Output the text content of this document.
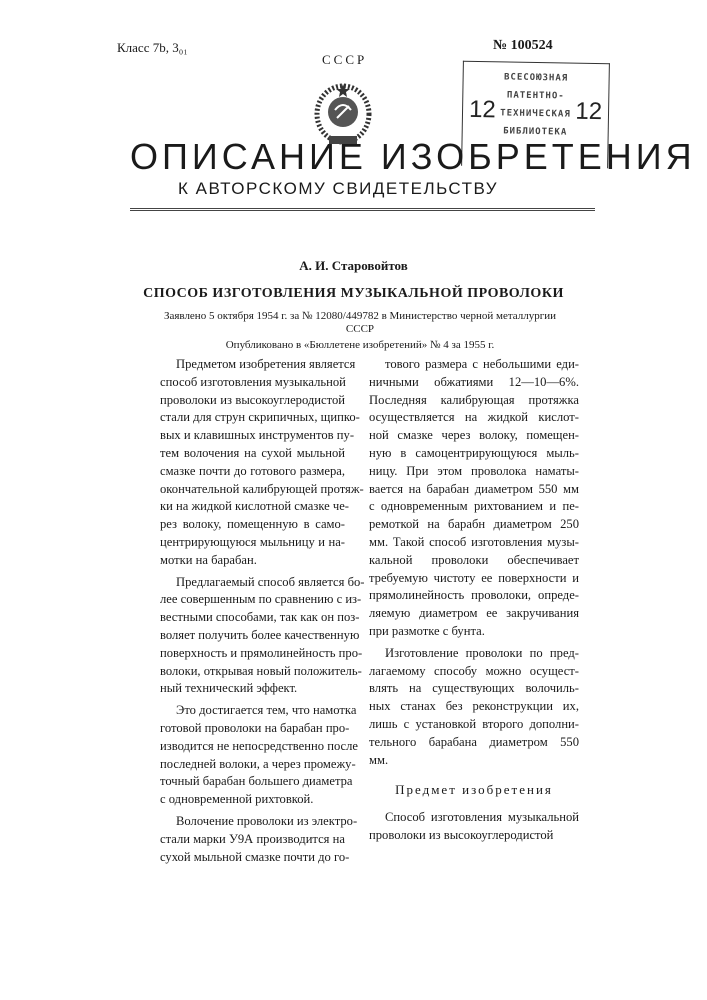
Класс 7b, 3₀₁	№ 100524
СССР
ВСЕСОЮЗНАЯ
ПАТЕНТНО-
ТЕХНИЧЕСКАЯ
БИБЛИОТЕКА
12	12
ОПИСАНИЕ ИЗОБРЕТЕНИЯ
К АВТОРСКОМУ СВИДЕТЕЛЬСТВУ
А. И. Старовойтов
СПОСОБ ИЗГОТОВЛЕНИЯ МУЗЫКАЛЬНОЙ ПРОВОЛОКИ
Заявлено 5 октября 1954 г. за № 12080/449782 в Министерство черной металлургии
СССР
Опубликовано в «Бюллетене изобретений» № 4 за 1955 г.
Предметом изобретения является
способ изготовления музыкальной
проволоки из высокоуглеродистой
стали для струн скрипичных, щипко-
вых и клавишных инструментов пу-
тем волочения на сухой мыльной
смазке почти до готового размера,
окончательной калибрующей протяж-
ки на жидкой кислотной смазке че-
рез волоку, помещенную в само-
центрирующуюся мыльницу и на-
мотки на барабан.
Предлагаемый способ является бо-
лее совершенным по сравнению с из-
вестными способами, так как он поз-
воляет получить более качественную
поверхность и прямолинейность про-
волоки, открывая новый положитель-
ный технический эффект.
Это достигается тем, что намотка
готовой проволоки на барабан про-
изводится не непосредственно после
последней волоки, а через промежу-
точный барабан большего диаметра
с одновременной рихтовкой.
Волочение проволоки из электро-
стали марки У9А производится на
сухой мыльной смазке почти до го-
тового размера с небольшими еди-
ничными обжатиями 12—10—6%.
Последняя калибрующая протяжка
осуществляется на жидкой кислот-
ной смазке через волоку, помещен-
ную в самоцентрирующуюся мыль-
ницу. При этом проволока наматы-
вается на барабан диаметром 550 мм
с одновременным рихтованием и пе-
ремоткой на барабн диаметром 250
мм. Такой способ изготовления музы-
кальной проволоки обеспечивает
требуемую чистоту ее поверхности и
прямолинейность проволоки, опреде-
ляемую диаметром ее закручивания
при размотке с бунта.
Изготовление проволоки по пред-
лагаемому способу можно осущест-
влять на существующих волочиль-
ных станах без реконструкции их,
лишь с установкой второго дополни-
тельного барабана диаметром 550
мм.
Предмет изобретения
Способ изготовления музыкальной
проволоки из высокоуглеродистой
